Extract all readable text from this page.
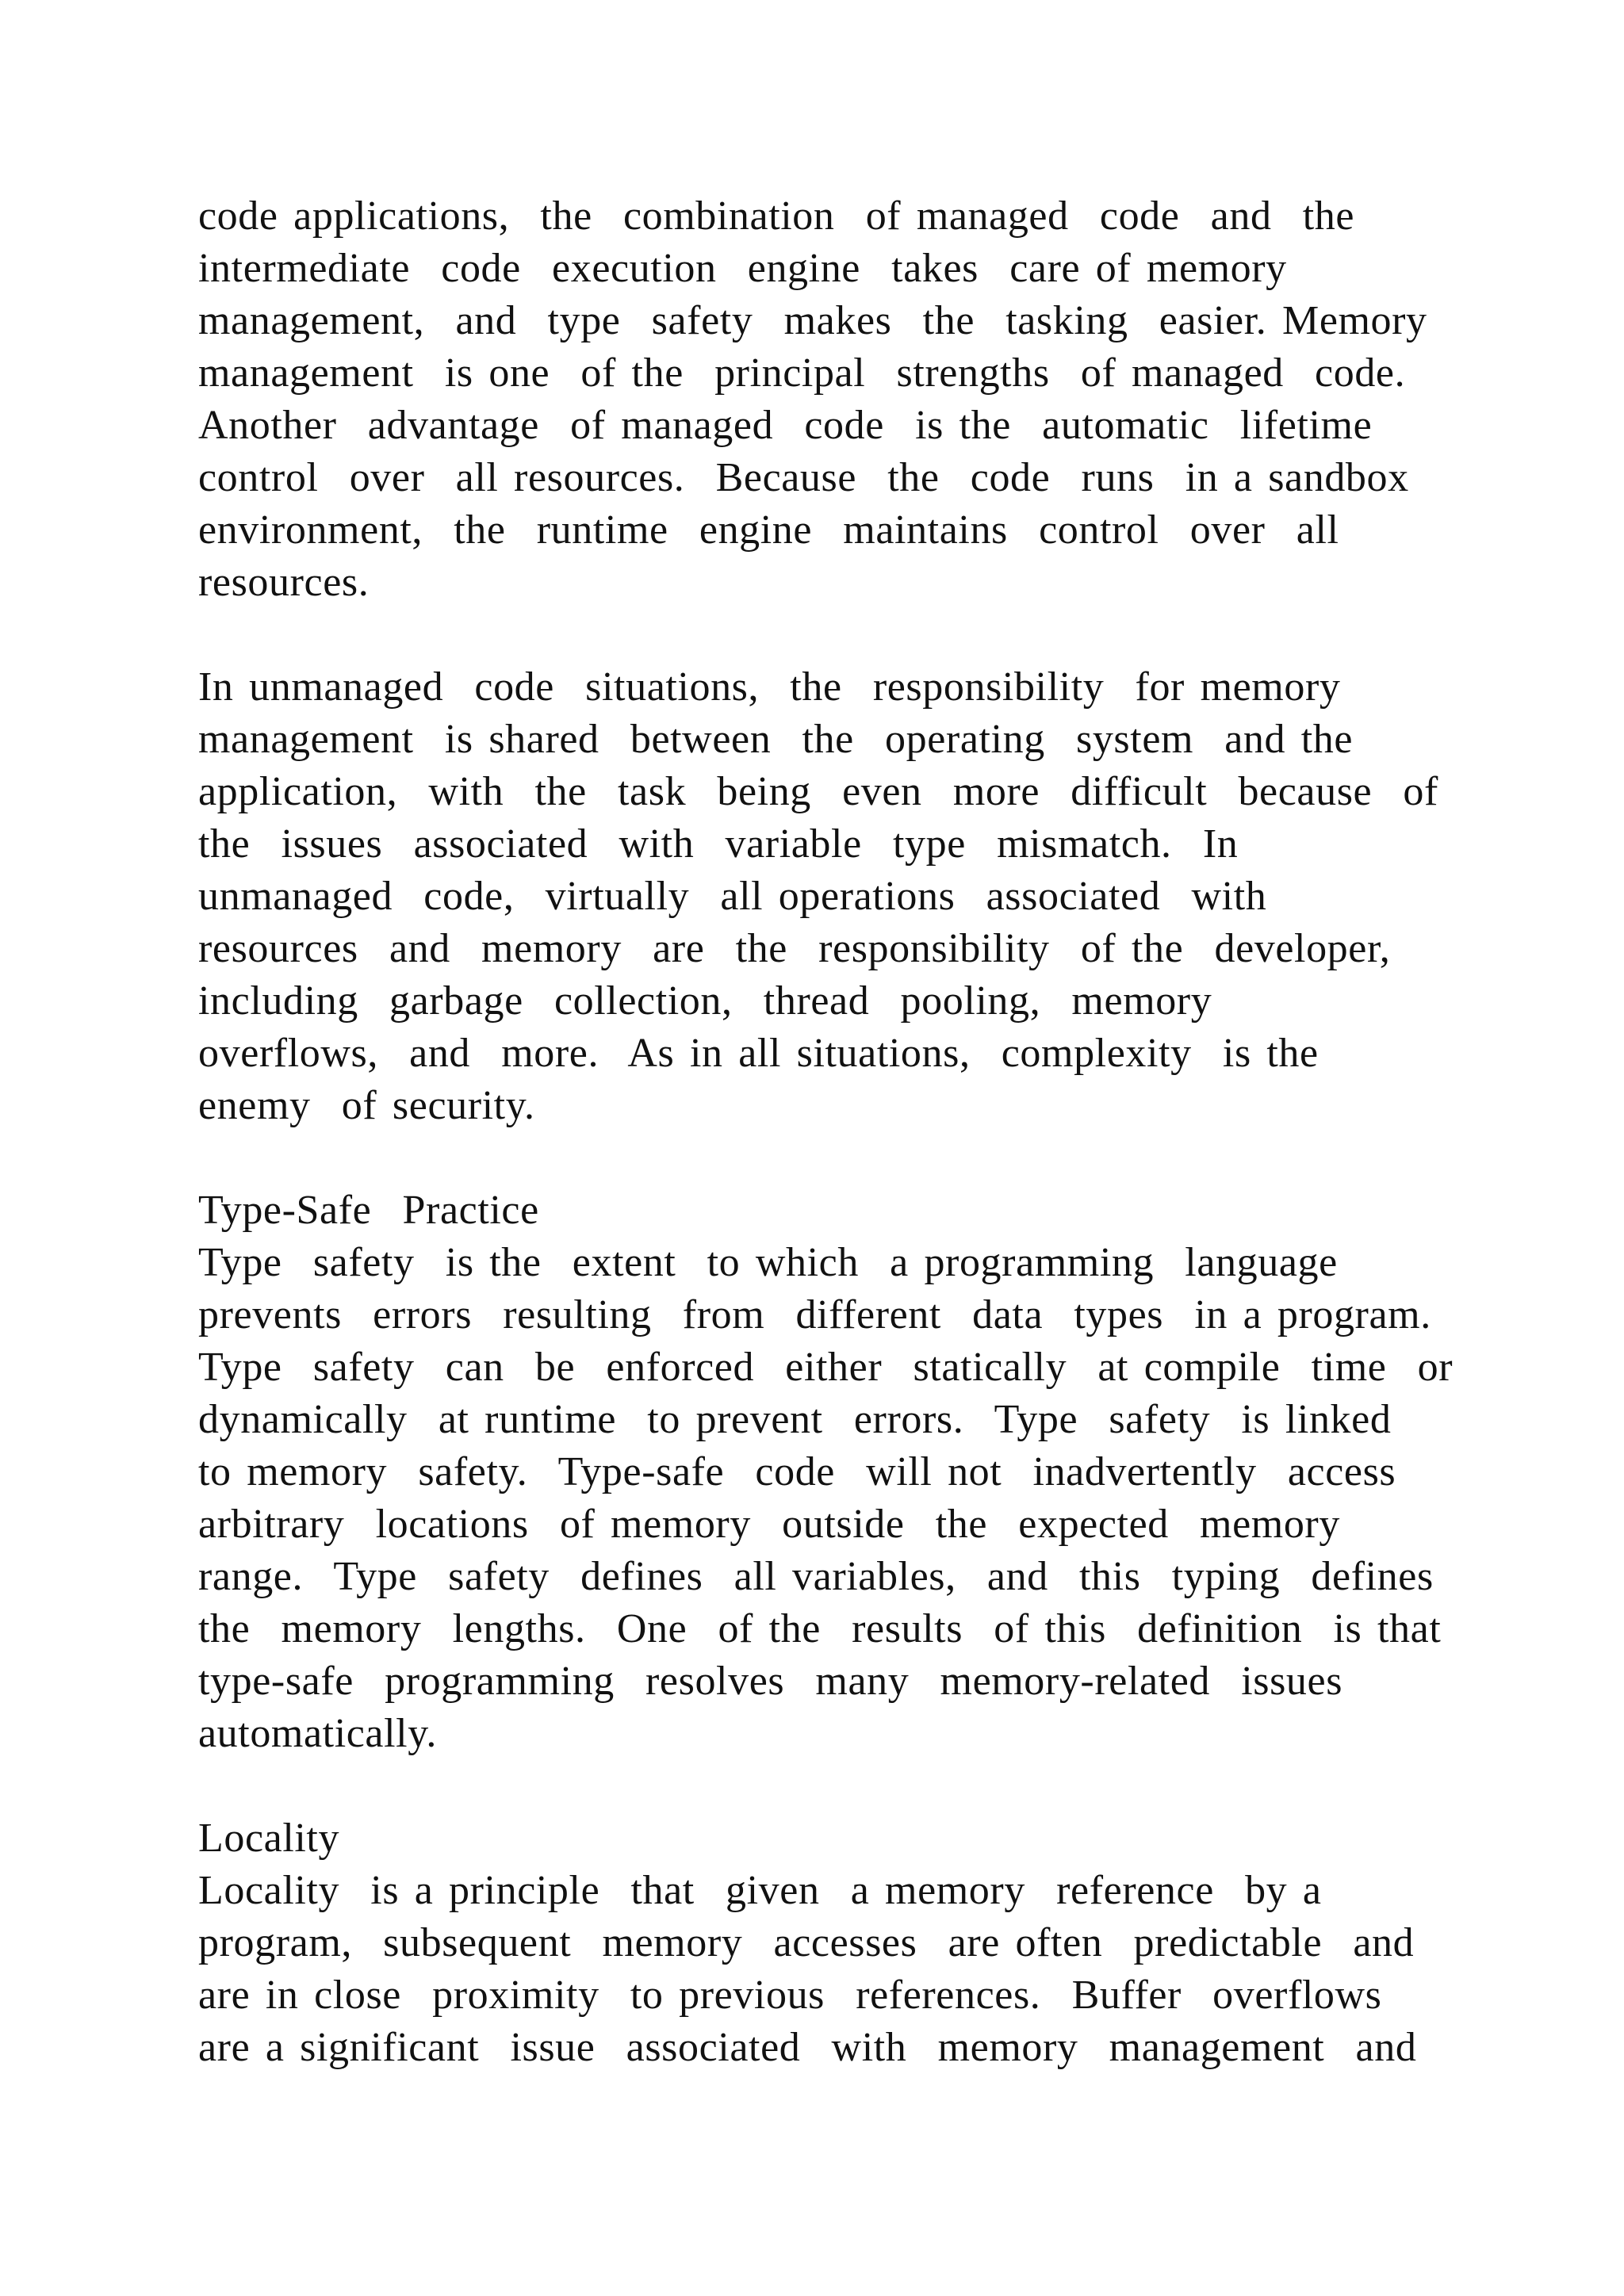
code applications,  the  combination  of managed  code  and  the
intermediate  code  execution  engine  takes  care of memory
management,  and  type  safety  makes  the  tasking  easier. Memory
management  is one  of the  principal  strengths  of managed  code.
Another  advantage  of managed  code  is the  automatic  lifetime
control  over  all resources.  Because  the  code  runs  in a sandbox
environment,  the  runtime  engine  maintains  control  over  all
resources.
In unmanaged  code  situations,  the  responsibility  for memory
management  is shared  between  the  operating  system  and the
application,  with  the  task  being  even  more  difficult  because  of
the  issues  associated  with  variable  type  mismatch.  In
unmanaged  code,  virtually  all operations  associated  with
resources  and  memory  are  the  responsibility  of the  developer,
including  garbage  collection,  thread  pooling,  memory
overflows,  and  more.  As in all situations,  complexity  is the
enemy  of security.
Type-Safe  Practice
Type  safety  is the  extent  to which  a programming  language
prevents  errors  resulting  from  different  data  types  in a program.
Type  safety  can  be  enforced  either  statically  at compile  time  or
dynamically  at runtime  to prevent  errors.  Type  safety  is linked
to memory  safety.  Type-safe  code  will not  inadvertently  access
arbitrary  locations  of memory  outside  the  expected  memory
range.  Type  safety  defines  all variables,  and  this  typing  defines
the  memory  lengths.  One  of the  results  of this  definition  is that
type-safe  programming  resolves  many  memory-related  issues
automatically.
Locality
Locality  is a principle  that  given  a memory  reference  by a
program,  subsequent  memory  accesses  are often  predictable  and
are in close  proximity  to previous  references.  Buffer  overflows
are a significant  issue  associated  with  memory  management  and
